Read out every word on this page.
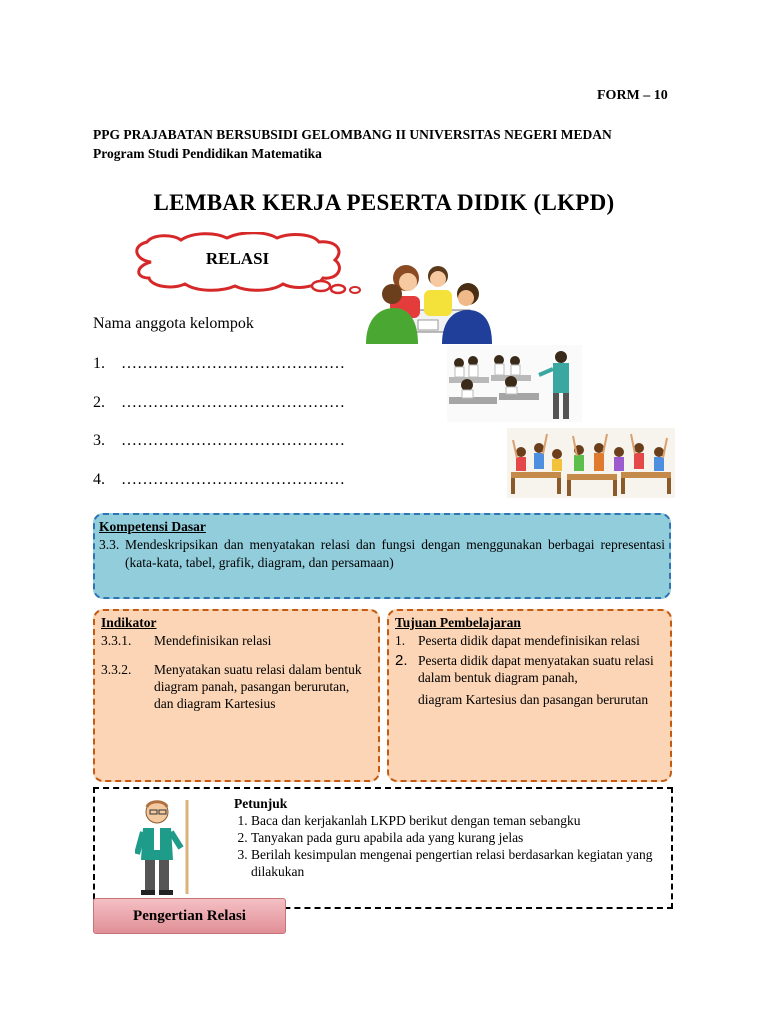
FORM – 10
PPG PRAJABATAN BERSUBSIDI GELOMBANG II UNIVERSITAS NEGERI MEDAN
Program Studi Pendidikan Matematika
LEMBAR KERJA PESERTA DIDIK (LKPD)
RELASI
Nama anggota kelompok
1. ……………………………………
2. ……………………………………
3. ……………………………………
4. ……………………………………
Kompetensi Dasar
3.3. Mendeskripsikan dan menyatakan relasi dan fungsi dengan menggunakan berbagai representasi (kata-kata, tabel, grafik, diagram, dan persamaan)
Indikator
3.3.1.	Mendefinisikan relasi
3.3.2.	Menyatakan suatu relasi dalam bentuk diagram panah, pasangan berurutan, dan diagram Kartesius
Tujuan Pembelajaran
1. Peserta didik dapat mendefinisikan relasi
2. Peserta didik dapat menyatakan suatu relasi dalam bentuk diagram panah,
diagram Kartesius dan pasangan berurutan
Petunjuk
1. Baca dan kerjakanlah LKPD berikut dengan teman sebangku
2. Tanyakan pada guru apabila ada yang kurang jelas
3. Berilah kesimpulan mengenai pengertian relasi berdasarkan kegiatan yang dilakukan
Pengertian Relasi
